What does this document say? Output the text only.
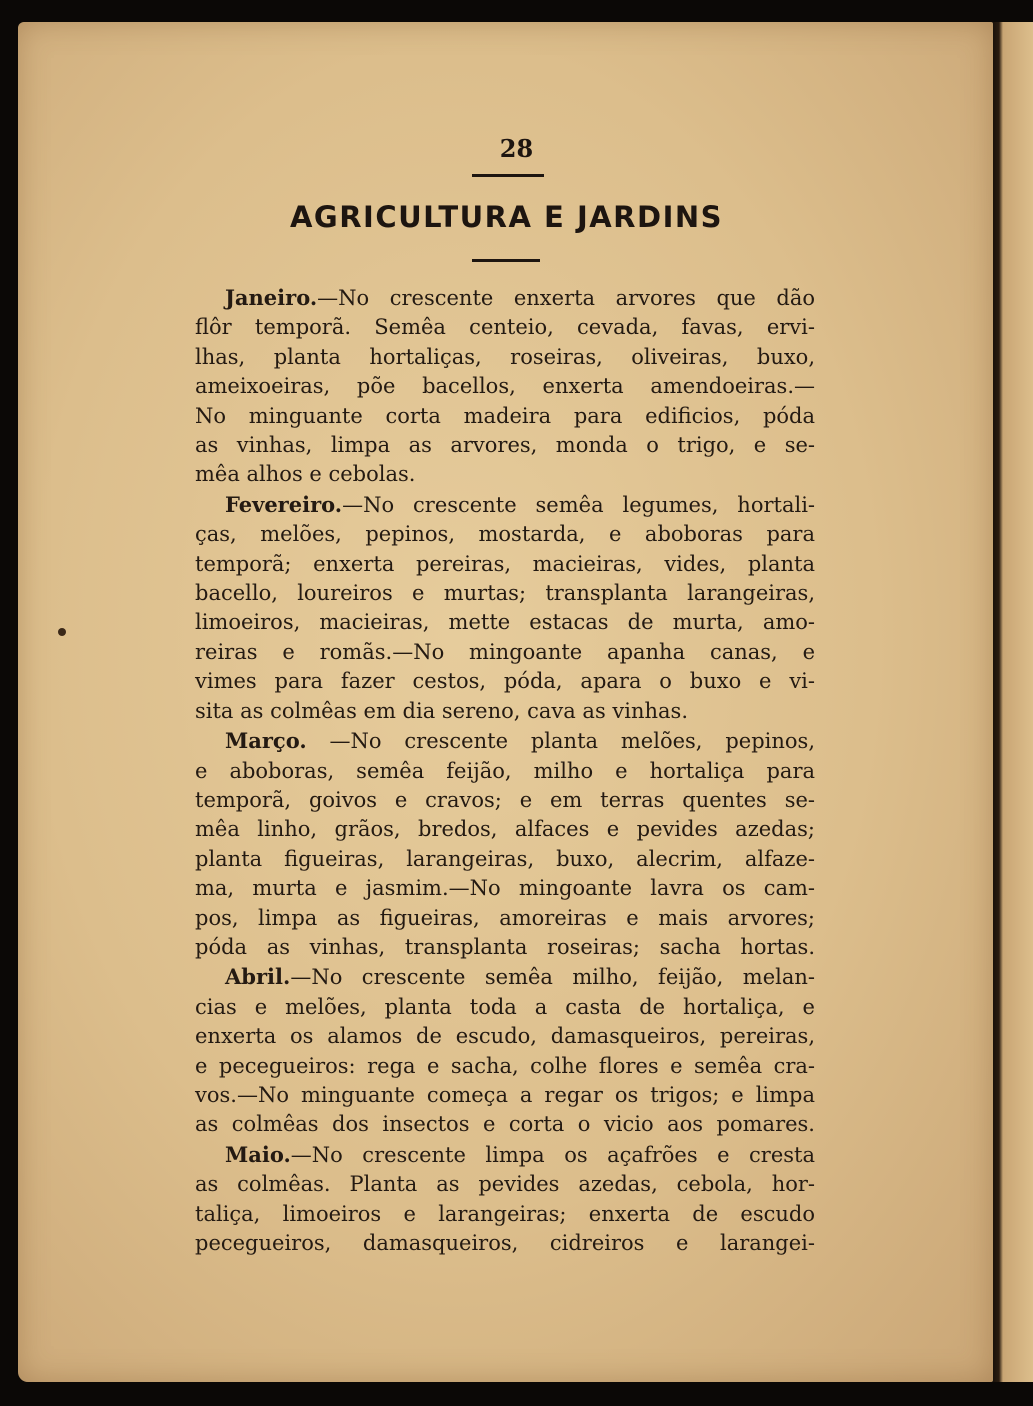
28
AGRICULTURA E JARDINS
Janeiro.—No crescente enxerta arvores que dão
flôr temporã. Semêa centeio, cevada, favas, ervi-
lhas, planta hortaliças, roseiras, oliveiras, buxo,
ameixoeiras, põe bacellos, enxerta amendoeiras.—
No minguante corta madeira para edificios, póda
as vinhas, limpa as arvores, monda o trigo, e se-
mêa alhos e cebolas.
Fevereiro.—No crescente semêa legumes, hortali-
ças, melões, pepinos, mostarda, e aboboras para
temporã; enxerta pereiras, macieiras, vides, planta
bacello, loureiros e murtas; transplanta larangeiras,
limoeiros, macieiras, mette estacas de murta, amo-
reiras e romãs.—No mingoante apanha canas, e
vimes para fazer cestos, póda, apara o buxo e vi-
sita as colmêas em dia sereno, cava as vinhas.
Março. —No crescente planta melões, pepinos,
e aboboras, semêa feijão, milho e hortaliça para
temporã, goivos e cravos; e em terras quentes se-
mêa linho, grãos, bredos, alfaces e pevides azedas;
planta figueiras, larangeiras, buxo, alecrim, alfaze-
ma, murta e jasmim.—No mingoante lavra os cam-
pos, limpa as figueiras, amoreiras e mais arvores;
póda as vinhas, transplanta roseiras; sacha hortas.
Abril.—No crescente semêa milho, feijão, melan-
cias e melões, planta toda a casta de hortaliça, e
enxerta os alamos de escudo, damasqueiros, pereiras,
e pecegueiros: rega e sacha, colhe flores e semêa cra-
vos.—No minguante começa a regar os trigos; e limpa
as colmêas dos insectos e corta o vicio aos pomares.
Maio.—No crescente limpa os açafrões e cresta
as colmêas. Planta as pevides azedas, cebola, hor-
taliça, limoeiros e larangeiras; enxerta de escudo
pecegueiros, damasqueiros, cidreiros e larangei-
